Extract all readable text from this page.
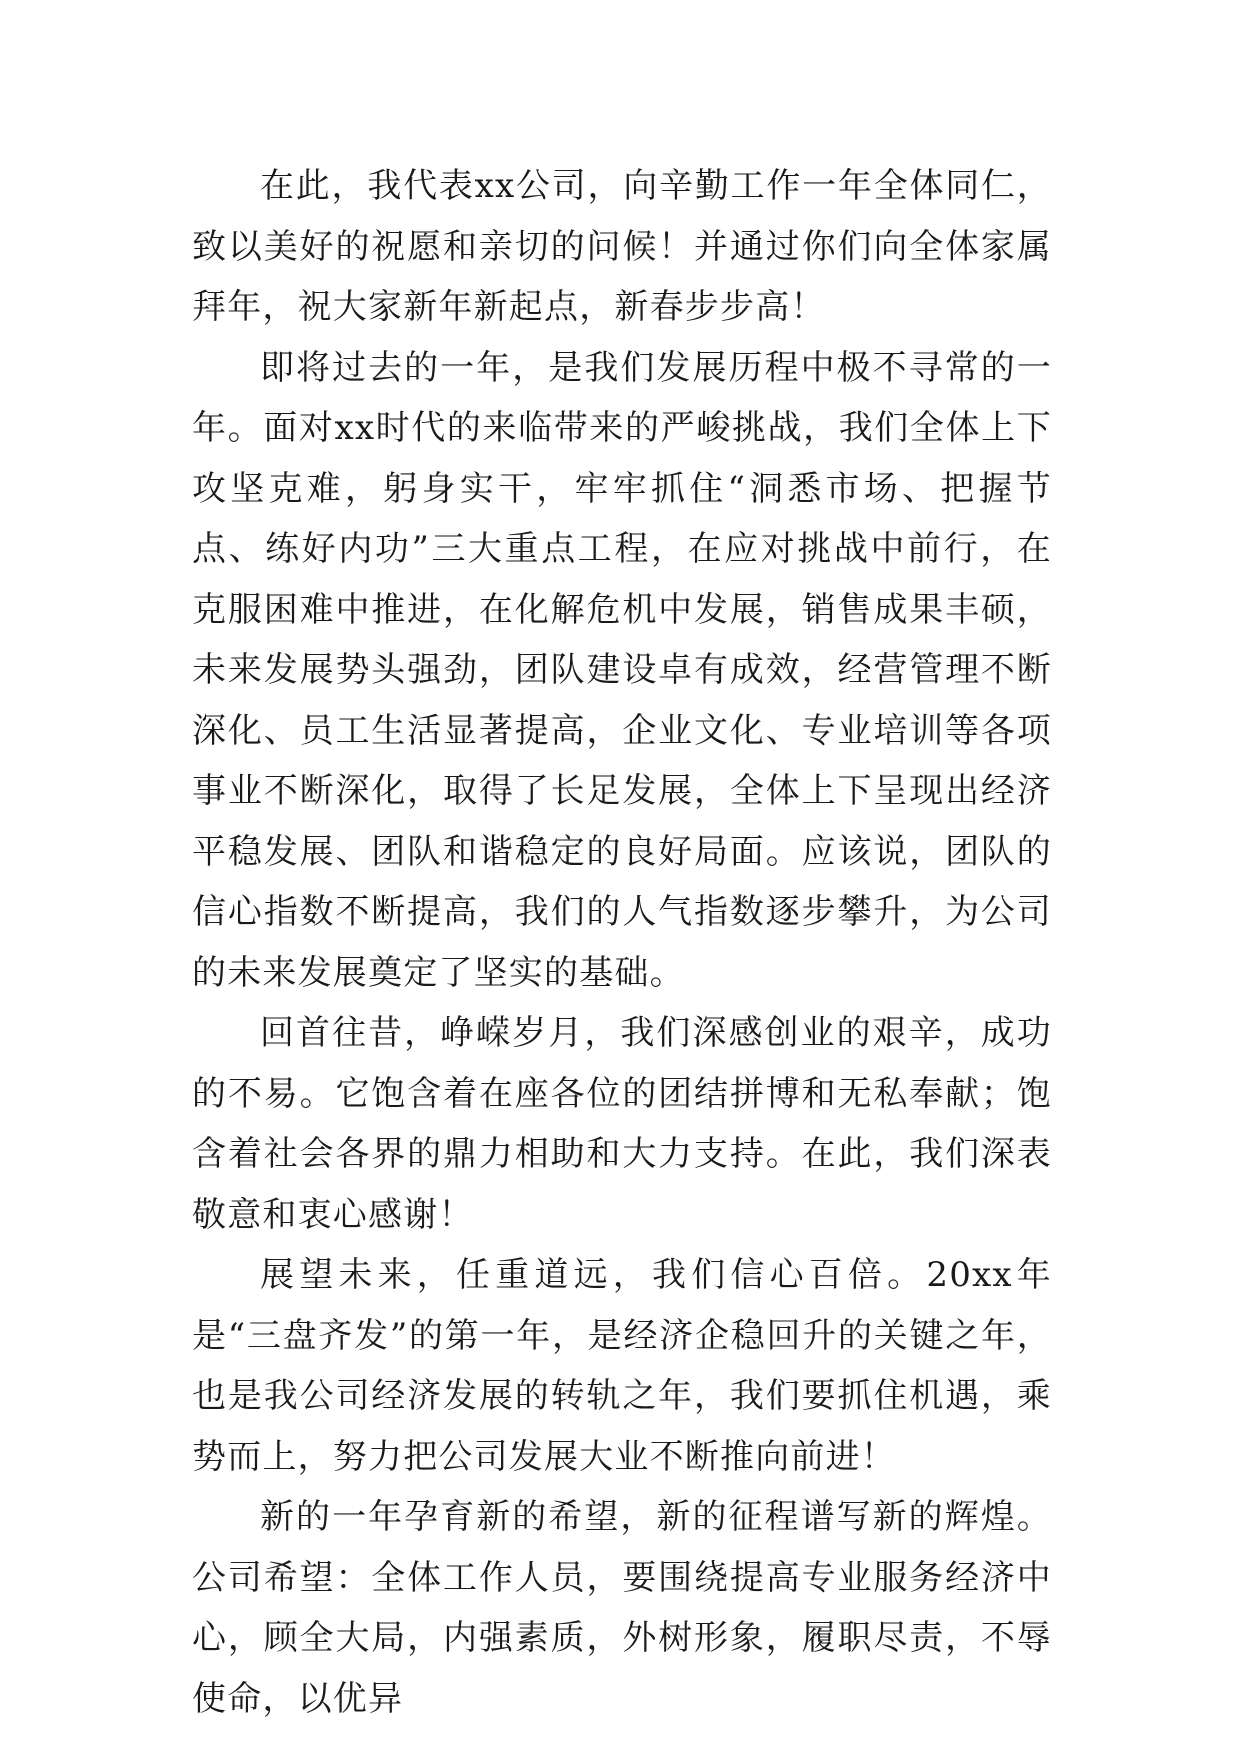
在此，我代表xx公司，向辛勤工作一年全体同仁，致以美好的祝愿和亲切的问候！并通过你们向全体家属拜年，祝大家新年新起点，新春步步高！

即将过去的一年，是我们发展历程中极不寻常的一年。面对xx时代的来临带来的严峻挑战，我们全体上下攻坚克难，躬身实干，牢牢抓住“洞悉市场、把握节点、练好内功”三大重点工程，在应对挑战中前行，在克服困难中推进，在化解危机中发展，销售成果丰硕，未来发展势头强劲，团队建设卓有成效，经营管理不断深化、员工生活显著提高，企业文化、专业培训等各项事业不断深化，取得了长足发展，全体上下呈现出经济平稳发展、团队和谐稳定的良好局面。应该说，团队的信心指数不断提高，我们的人气指数逐步攀升，为公司的未来发展奠定了坚实的基础。

回首往昔，峥嵘岁月，我们深感创业的艰辛，成功的不易。它饱含着在座各位的团结拼博和无私奉献；饱含着社会各界的鼎力相助和大力支持。在此，我们深表敬意和衷心感谢！

展望未来，任重道远，我们信心百倍。20xx年是“三盘齐发”的第一年，是经济企稳回升的关键之年，也是我公司经济发展的转轨之年，我们要抓住机遇，乘势而上，努力把公司发展大业不断推向前进！

新的一年孕育新的希望，新的征程谱写新的辉煌。公司希望：全体工作人员，要围绕提高专业服务经济中心，顾全大局，内强素质，外树形象，履职尽责，不辱使命，以优异
